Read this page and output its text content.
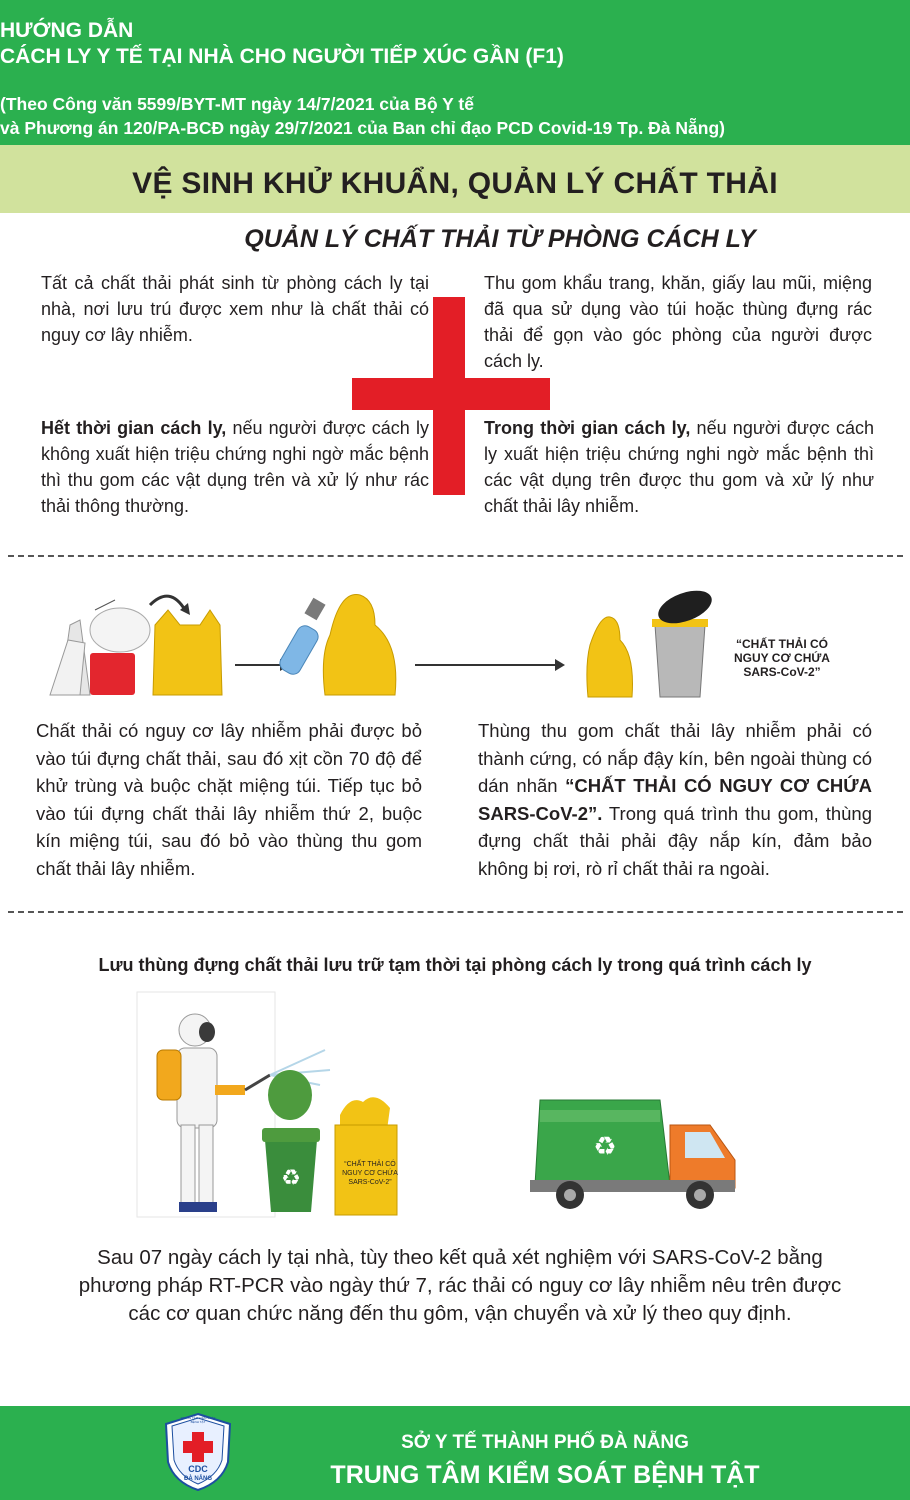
HƯỚNG DẪN
CÁCH LY Y TẾ TẠI NHÀ CHO NGƯỜI TIẾP XÚC GẦN (F1)
(Theo Công văn 5599/BYT-MT ngày 14/7/2021 của Bộ Y tế
và Phương án 120/PA-BCĐ ngày 29/7/2021 của Ban chỉ đạo PCD Covid-19 Tp. Đà Nẵng)
VỆ SINH KHỬ KHUẨN, QUẢN LÝ CHẤT THẢI
QUẢN LÝ CHẤT THẢI TỪ PHÒNG CÁCH LY
Tất cả chất thải phát sinh từ phòng cách ly tại nhà, nơi lưu trú được xem như là chất thải có nguy cơ lây nhiễm.
Thu gom khẩu trang, khăn, giấy lau mũi, miệng đã qua sử dụng vào túi hoặc thùng đựng rác thải để gọn vào góc phòng của người được cách ly.
Hết thời gian cách ly, nếu người được cách ly không xuất hiện triệu chứng nghi ngờ mắc bệnh thì thu gom các vật dụng trên và xử lý như rác thải thông thường.
Trong thời gian cách ly, nếu người được cách ly xuất hiện triệu chứng nghi ngờ mắc bệnh thì các vật dụng trên được thu gom và xử lý như chất thải lây nhiễm.
“CHẤT THẢI CÓ NGUY CƠ CHỨA SARS-CoV-2”
Chất thải có nguy cơ lây nhiễm phải được bỏ vào túi đựng chất thải, sau đó xịt cồn 70 độ để khử trùng và buộc chặt miệng túi. Tiếp tục bỏ vào túi đựng chất thải lây nhiễm thứ 2, buộc kín miệng túi, sau đó bỏ vào thùng thu gom chất thải lây nhiễm.
Thùng thu gom chất thải lây nhiễm phải có thành cứng, có nắp đậy kín, bên ngoài thùng có dán nhãn “CHẤT THẢI CÓ NGUY CƠ CHỨA SARS-CoV-2”. Trong quá trình thu gom, thùng đựng chất thải phải đậy nắp kín, đảm bảo không bị rơi, rò rỉ chất thải ra ngoài.
Lưu thùng đựng chất thải lưu trữ tạm thời tại phòng cách ly trong quá trình cách ly
♻
“CHẤT THẢI CÓ NGUY CƠ CHỨA SARS-CoV-2”
♻
Sau 07 ngày cách ly tại nhà, tùy theo kết quả xét nghiệm với SARS-CoV-2 bằng phương pháp RT-PCR vào ngày thứ 7, rác thải có nguy cơ lây nhiễm nêu trên được các cơ quan chức năng đến thu gôm, vận chuyển và xử lý theo quy định.
CDC
TRUNG TÂM KIỂM SOÁT BỆNH TẬT
ĐÀ NẴNG
SỞ Y TẾ THÀNH PHỐ ĐÀ NẴNG
TRUNG TÂM KIỂM SOÁT BỆNH TẬT
